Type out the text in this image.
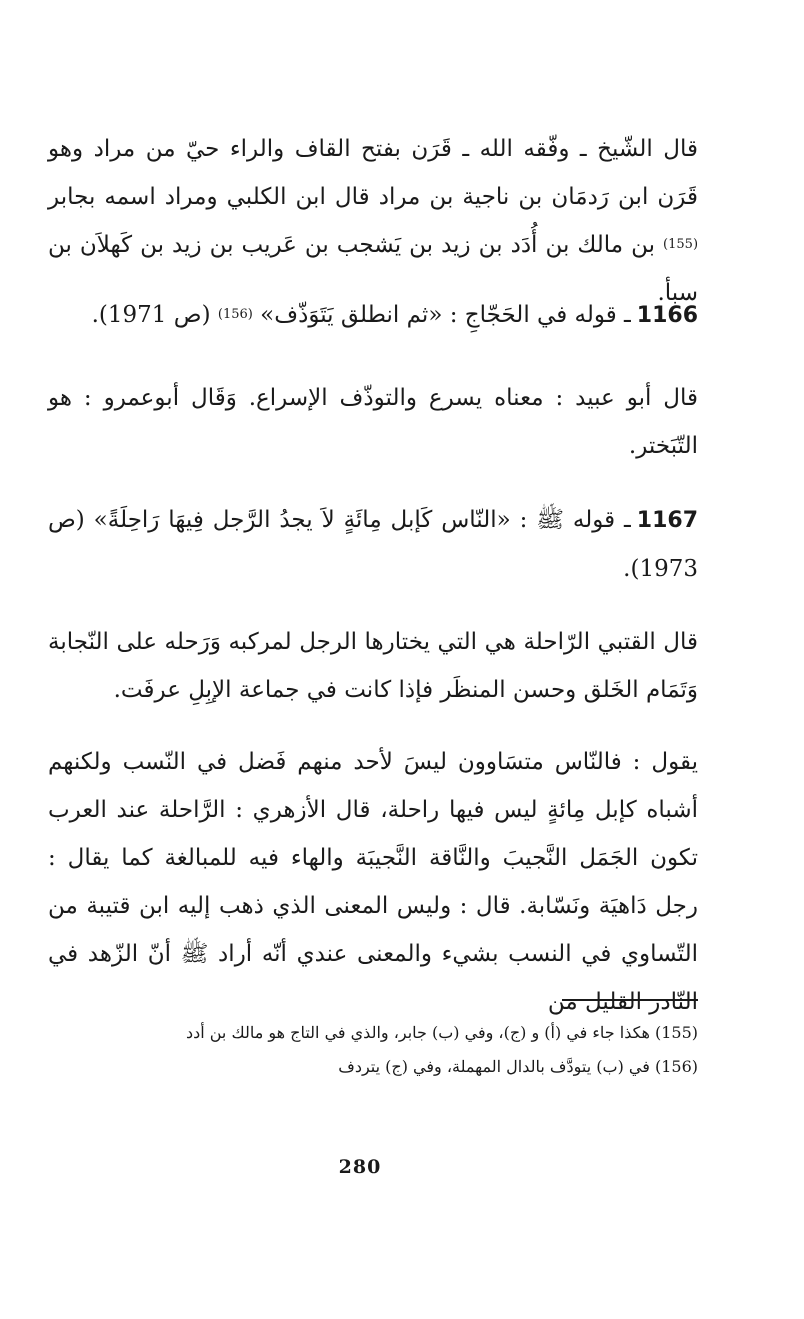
قال الشّيخ ـ وفّقه الله ـ قَرَن بفتح القاف والراء حيّ من مراد وهو قَرَن ابن رَدمَان بن ناجية بن مراد قال ابن الكلبي ومراد اسمه بجابر (155) بن مالك بن أُدَد بن زيد بن يَشجب بن عَريب بن زيد بن كَهلاَن بن سبأ.

1166ـ قوله في الحَجّاجِ : «ثم انطلق يَتَوَذّف» (156) (ص 1971).

قال أبو عبيد : معناه يسرع والتوذّف الإسراع. وَقَال أبوعمرو : هو التّبَختر.

1167ـ قوله ﷺ : «النّاس كَإبل مِائَةٍ لاَ يجدُ الرَّجل فِيهَا رَاحِلَةً» (ص 1973).

قال القتبي الرّاحلة هي التي يختارها الرجل لمركبه وَرَحله على النّجابة وَتَمَام الخَلق وحسن المنظَر فإذا كانت في جماعة الإبِلِ عرفَت.

يقول : فالنّاس متسَاوون ليسَ لأحد منهم فَضل في النّسب ولكنهم أشباه كإبل مِائةٍ ليس فيها راحلة، قال الأزهري : الرَّاحلة عند العرب تكون الجَمَل النَّجيبَ والنَّاقة النَّجيبَة والهاء فيه للمبالغة كما يقال : رجل دَاهيَة ونَسّابة. قال : وليس المعنى الذي ذهب إليه ابن قتيبة من التّساوي في النسب بشيء والمعنى عندي أنّه أراد ﷺ أنّ الزّهد في النّادر القليل من

(155) هكذا جاء في (أ) و (ج)، وفي (ب) جابر، والذي في التاج هو مالك بن أدد
(156) في (ب) يتودَّف بالدال المهملة، وفي (ج) يتردف
280
